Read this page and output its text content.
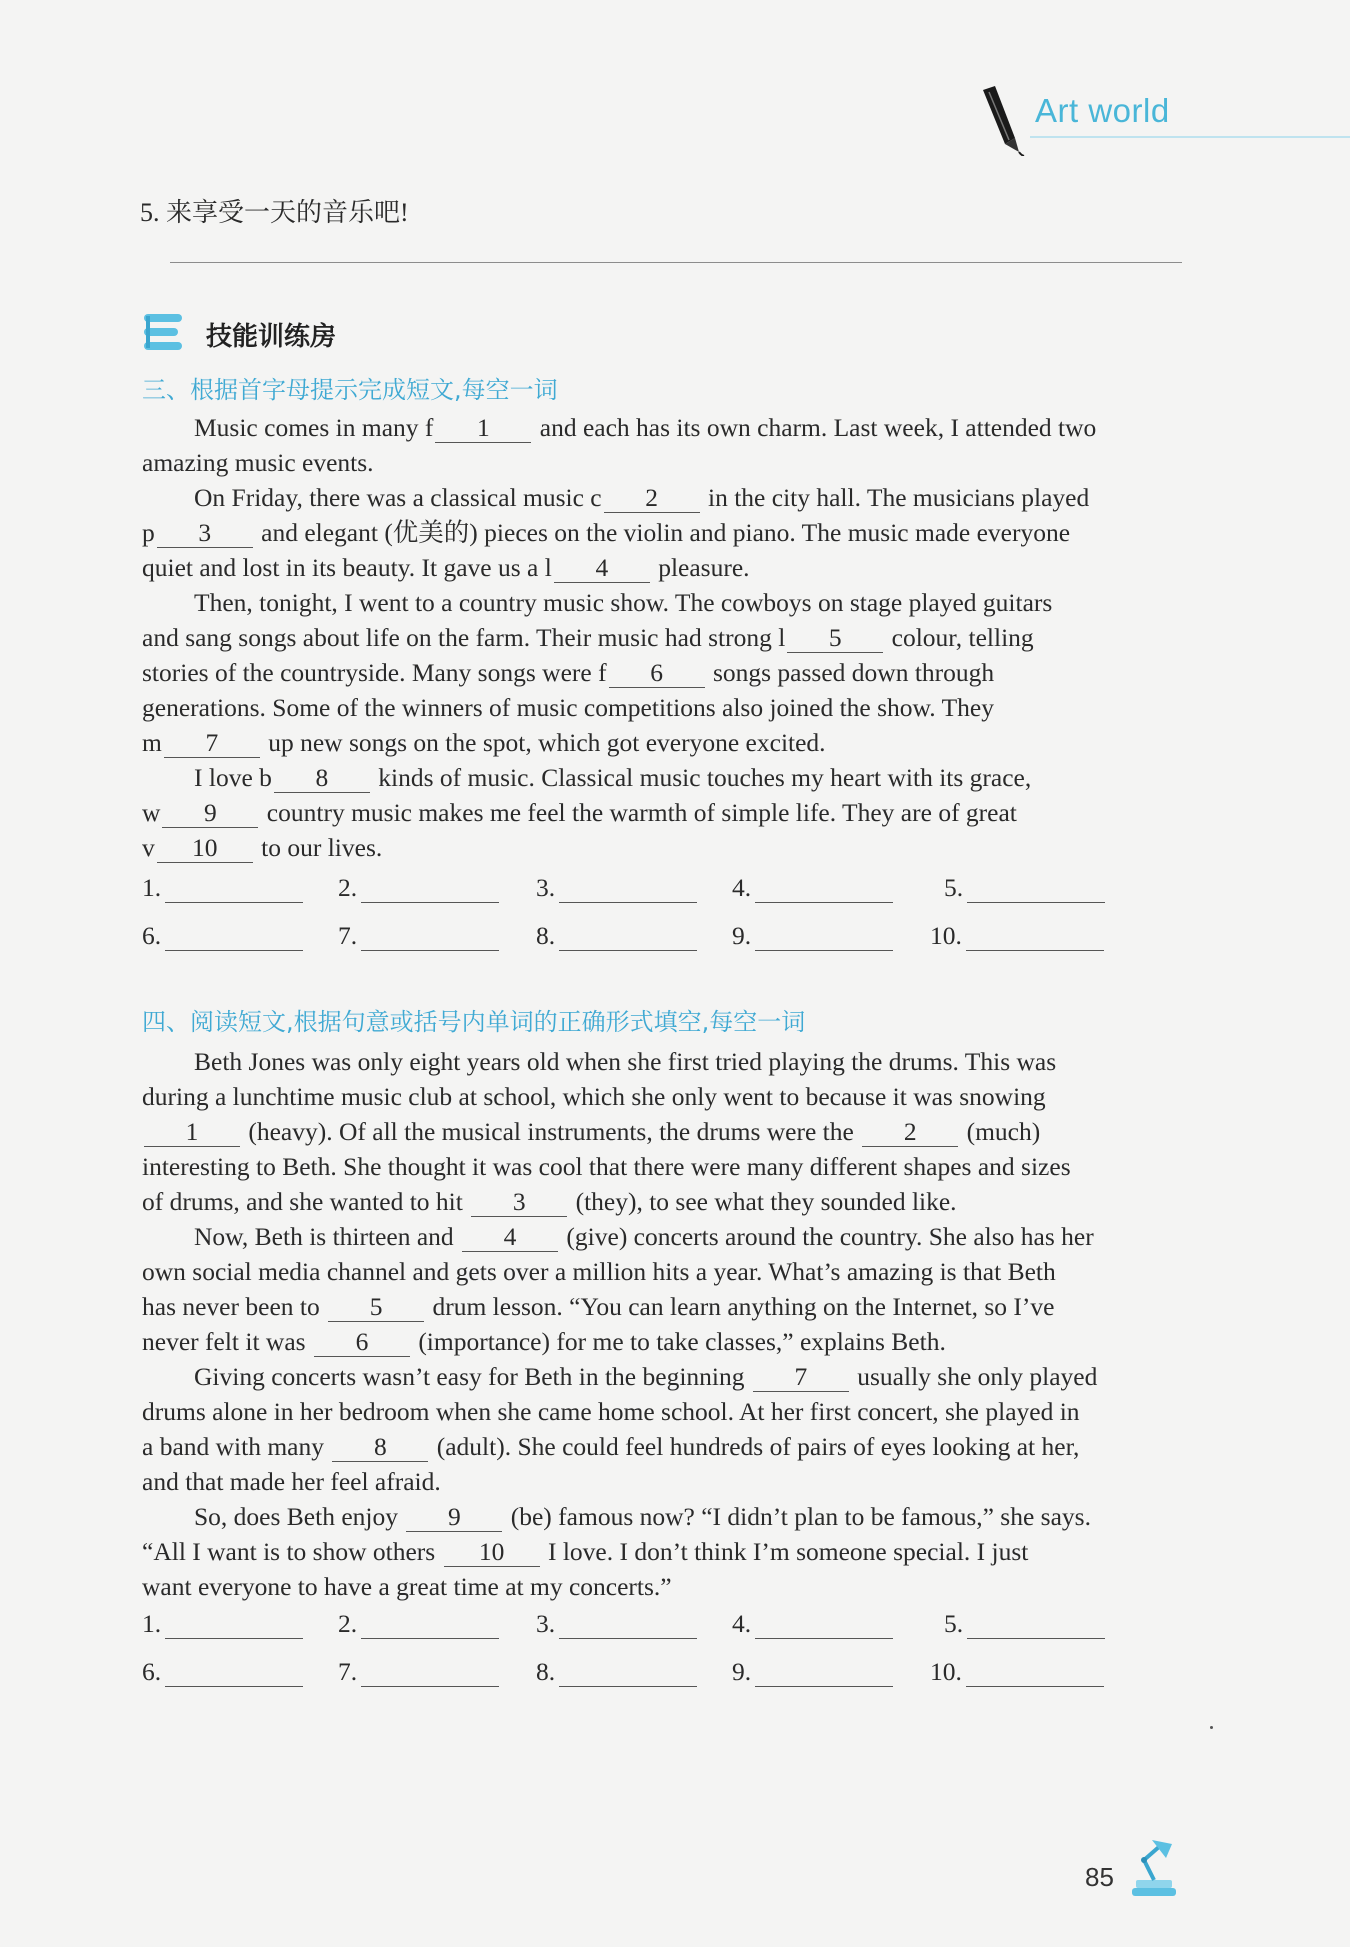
Art world
5. 来享受一天的音乐吧!
技能训练房
三、根据首字母提示完成短文,每空一词
Music comes in many f 1 and each has its own charm. Last week, I attended two
amazing music events.
On Friday, there was a classical music c 2 in the city hall. The musicians played
p 3 and elegant (优美的) pieces on the violin and piano. The music made everyone
quiet and lost in its beauty. It gave us a l 4 pleasure.
Then, tonight, I went to a country music show. The cowboys on stage played guitars
and sang songs about life on the farm. Their music had strong l 5 colour, telling
stories of the countryside. Many songs were f 6 songs passed down through
generations. Some of the winners of music competitions also joined the show. They
m 7 up new songs on the spot, which got everyone excited.
I love b 8 kinds of music. Classical music touches my heart with its grace,
w 9 country music makes me feel the warmth of simple life. They are of great
v 10 to our lives.
1.	2.	3.	4.	5.
6.	7.	8.	9.	10.
四、阅读短文,根据句意或括号内单词的正确形式填空,每空一词
Beth Jones was only eight years old when she first tried playing the drums. This was
during a lunchtime music club at school, which she only went to because it was snowing
1 (heavy). Of all the musical instruments, the drums were the 2 (much)
interesting to Beth. She thought it was cool that there were many different shapes and sizes
of drums, and she wanted to hit 3 (they), to see what they sounded like.
Now, Beth is thirteen and 4 (give) concerts around the country. She also has her
own social media channel and gets over a million hits a year. What’s amazing is that Beth
has never been to 5 drum lesson. “You can learn anything on the Internet, so I’ve
never felt it was 6 (importance) for me to take classes,” explains Beth.
Giving concerts wasn’t easy for Beth in the beginning 7 usually she only played
drums alone in her bedroom when she came home school. At her first concert, she played in
a band with many 8 (adult). She could feel hundreds of pairs of eyes looking at her,
and that made her feel afraid.
So, does Beth enjoy 9 (be) famous now? “I didn’t plan to be famous,” she says.
“All I want is to show others 10 I love. I don’t think I’m someone special. I just
want everyone to have a great time at my concerts.”
1.	2.	3.	4.	5.
6.	7.	8.	9.	10.
85
